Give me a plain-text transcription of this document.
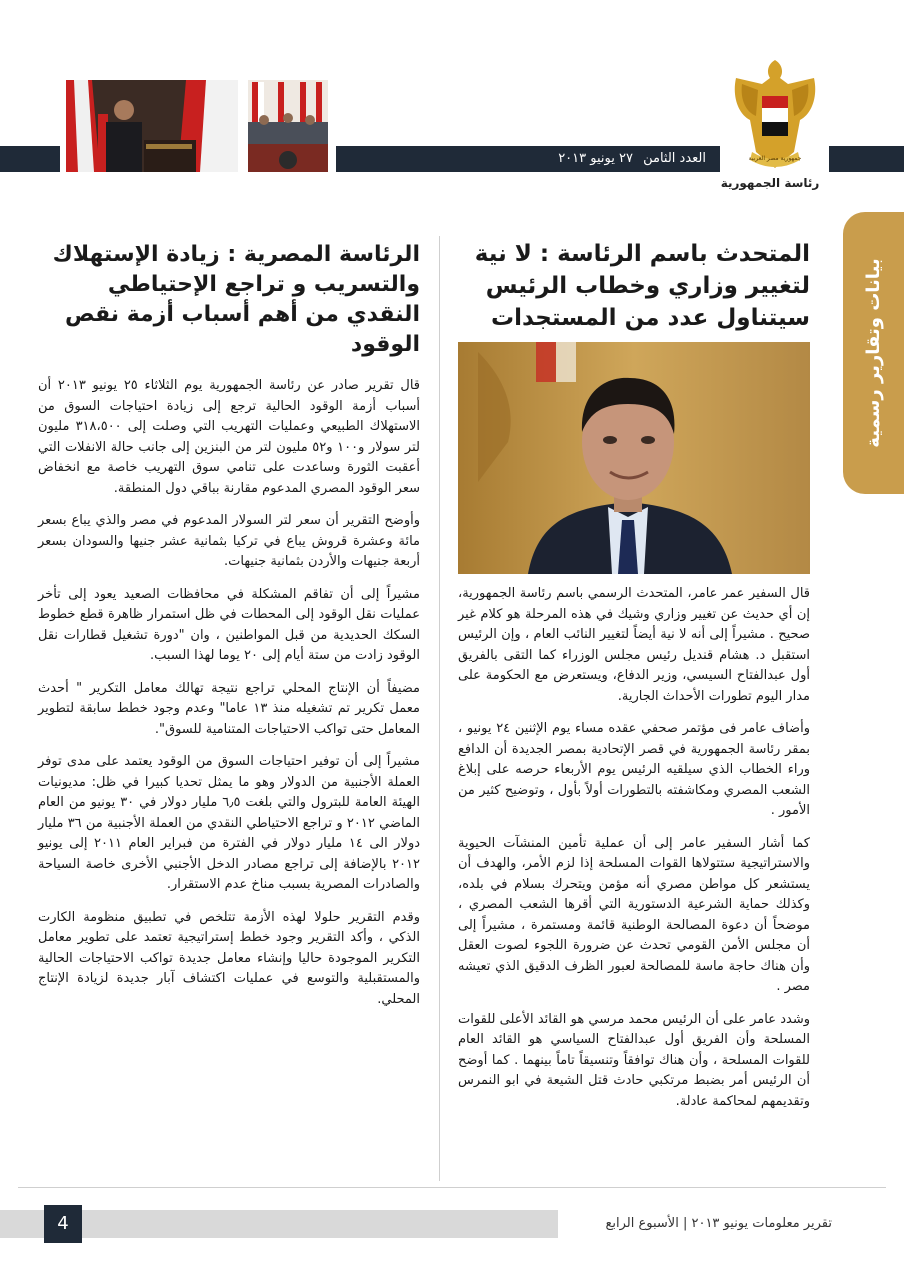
العدد الثامن ٢٧ يونيو ٢٠١٣	جمهورية مصر العربية
رئاسة الجمهورية
بيانات وتقارير رسمية
المتحدث باسم الرئاسة : لا نية لتغيير وزاري وخطاب الرئيس سيتناول عدد من المستجدات

قال السفير عمر عامر، المتحدث الرسمي باسم رئاسة الجمهورية، إن أي حديث عن تغيير وزاري وشيك في هذه المرحلة هو كلام غير صحيح . مشيراً إلى أنه لا نية أيضاً لتغيير النائب العام ، وإن الرئيس استقبل د. هشام قنديل رئيس مجلس الوزراء كما التقى بالفريق أول عبدالفتاح السيسي، وزير الدفاع، ويستعرض مع الحكومة على مدار اليوم تطورات الأحداث الجارية.

وأضاف عامر فى مؤتمر صحفي عقده مساء يوم الإثنين ٢٤ يونيو ، بمقر رئاسة الجمهورية في قصر الإتحادية بمصر الجديدة أن الدافع وراء الخطاب الذي سيلقيه الرئيس يوم الأربعاء حرصه على إبلاغ الشعب المصري ومكاشفته بالتطورات أولاً بأول ، وتوضيح كثير من الأمور .

كما أشار السفير عامر إلى أن عملية تأمين المنشآت الحيوية والاستراتيجية ستتولاها القوات المسلحة إذا لزم الأمر، والهدف أن يستشعر كل مواطن مصري أنه مؤمن ويتحرك بسلام في بلده، وكذلك حماية الشرعية الدستورية التي أقرها الشعب المصري ، موضحاً أن دعوة المصالحة الوطنية قائمة ومستمرة ، مشيراً إلى أن مجلس الأمن القومي تحدث عن ضرورة اللجوء لصوت العقل وأن هناك حاجة ماسة للمصالحة لعبور الظرف الدقيق الذي تعيشه مصر .

وشدد عامر على أن الرئيس محمد مرسي هو القائد الأعلى للقوات المسلحة وأن الفريق أول عبدالفتاح السياسي هو القائد العام للقوات المسلحة ، وأن هناك توافقاً وتنسيقاً تاماً بينهما . كما أوضح أن الرئيس أمر بضبط مرتكبي حادث قتل الشيعة في ابو النمرس وتقديمهم لمحاكمة عادلة.

الرئاسة المصرية : زيادة الإستهلاك والتسريب و تراجع الإحتياطي النقدي من أهم أسباب أزمة نقص الوقود

قال تقرير صادر عن رئاسة الجمهورية يوم الثلاثاء ٢٥ يونيو ٢٠١٣ أن أسباب أزمة الوقود الحالية ترجع إلى زيادة احتياجات السوق من الاستهلاك الطبيعي وعمليات التهريب التي وصلت إلى ٣١٨،٥٠٠ مليون لتر سولار و١٠٠ و٥٢ مليون لتر من البنزين إلى جانب حالة الانفلات التي أعقبت الثورة وساعدت على تنامي سوق التهريب خاصة مع انخفاض سعر الوقود المصري المدعوم مقارنة بباقي دول المنطقة.

وأوضح التقرير أن سعر لتر السولار المدعوم في مصر والذي يباع بسعر مائة وعشرة قروش يباع في تركيا بثمانية عشر جنيها والسودان بسعر أربعة جنيهات والأردن بثمانية جنيهات.

مشيراً إلى أن تفاقم المشكلة في محافظات الصعيد يعود إلى تأخر عمليات نقل الوقود إلى المحطات في ظل استمرار ظاهرة قطع خطوط السكك الحديدية من قبل المواطنين ، وان "دورة تشغيل قطارات نقل الوقود زادت من ستة أيام إلى ٢٠ يوما لهذا السبب.

مضيفاً أن الإنتاج المحلي تراجع نتيجة تهالك معامل التكرير " أحدث معمل تكرير تم تشغيله منذ ١٣ عاما" وعدم وجود خطط سابقة لتطوير المعامل حتى تواكب الاحتياجات المتنامية للسوق".

مشيراً إلى أن توفير احتياجات السوق من الوقود يعتمد على مدى توفر العملة الأجنبية من الدولار وهو ما يمثل تحديا كبيرا في ظل: مديونيات الهيئة العامة للبترول والتي بلغت ٦٫٥ مليار دولار في ٣٠ يونيو من العام الماضي ٢٠١٢ و تراجع الاحتياطي النقدي من العملة الأجنبية من ٣٦ مليار دولار الى ١٤ مليار دولار في الفترة من فبراير العام ٢٠١١ إلى يونيو ٢٠١٢ بالإضافة إلى تراجع مصادر الدخل الأجنبي الأخرى خاصة السياحة والصادرات المصرية بسبب مناخ عدم الاستقرار.

وقدم التقرير حلولا لهذه الأزمة تتلخص في تطبيق منظومة الكارت الذكي ، وأكد التقرير وجود خطط إستراتيجية تعتمد على تطوير معامل التكرير الموجودة حاليا وإنشاء معامل جديدة تواكب الاحتياجات الحالية والمستقبلية والتوسع في عمليات اكتشاف آبار جديدة لزيادة الإنتاج المحلي.

4	تقرير معلومات يونيو ٢٠١٣ | الأسبوع الرابع
